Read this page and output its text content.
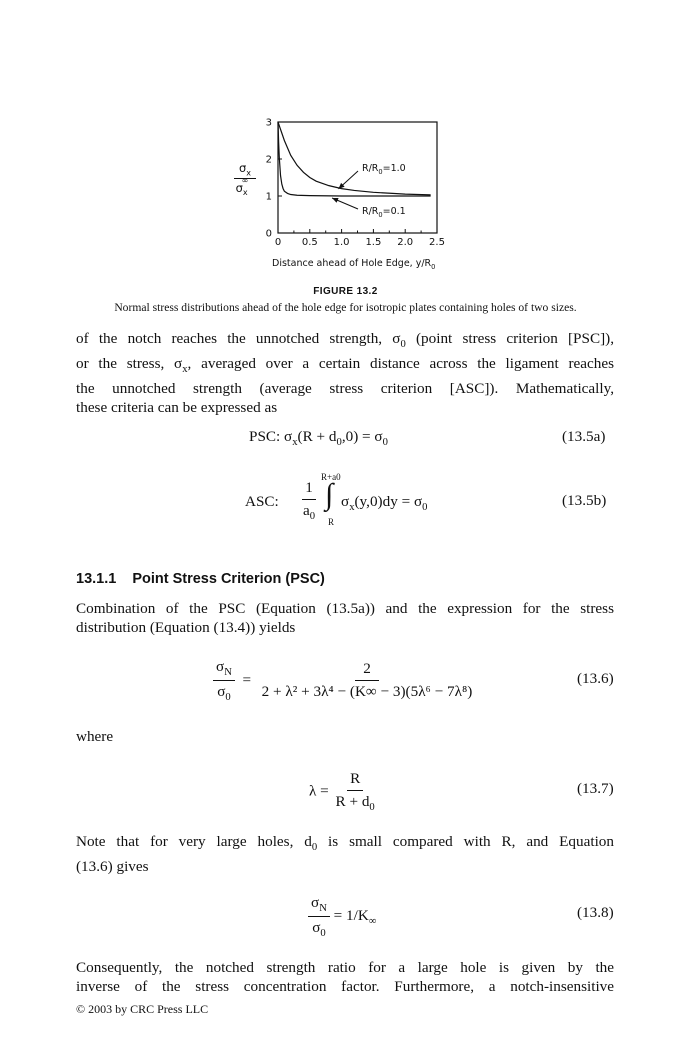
0 0.5 1.0 1.5 2.0 2.5
0
1
2
3
$\sigma_x$
$\sigma_x^\infty$
$R/R_0=1.0$
$R/R_0=0.1$
Distance ahead of Hole Edge, $y/R_0$
FIGURE 13.2
Normal stress distributions ahead of the hole edge for isotropic plates containing holes of two sizes.
of the notch reaches the unnotched strength, $\sigma_0$ (point stress criterion [PSC]),
or the stress, $\sigma_x$, averaged over a certain distance across the ligament reaches
the unnotched strength (average stress criterion [ASC]). Mathematically,
these criteria can be expressed as
PSC: $\sigma_x(R + d_0,0) = \sigma_0$	(13.5a)
ASC: $\frac{1}{a_0}$
R+a0
∫
R
$\sigma_x(y,0)dy = \sigma_0$	(13.5b)
13.1.1 Point Stress Criterion (PSC)
Combination of the PSC (Equation (13.5a)) and the expression for the stress
distribution (Equation (13.4)) yields
$\frac{\sigma_N}{\sigma_0} = \frac{2}{\text{2 + λ² + 3λ⁴ − (K∞ − 3)(5λ⁶ − 7λ⁸)}}$	(13.6)
where
$\lambda = \frac{R}{R + d_0}$	(13.7)
Note that for very large holes, $d_0$ is small compared with R, and Equation
(13.6) gives
$\frac{\sigma_N}{\sigma_0} = 1/K_\infty$
(13.8)
Consequently, the notched strength ratio for a large hole is given by the
inverse of the stress concentration factor. Furthermore, a notch-insensitive
© 2003 by CRC Press LLC
